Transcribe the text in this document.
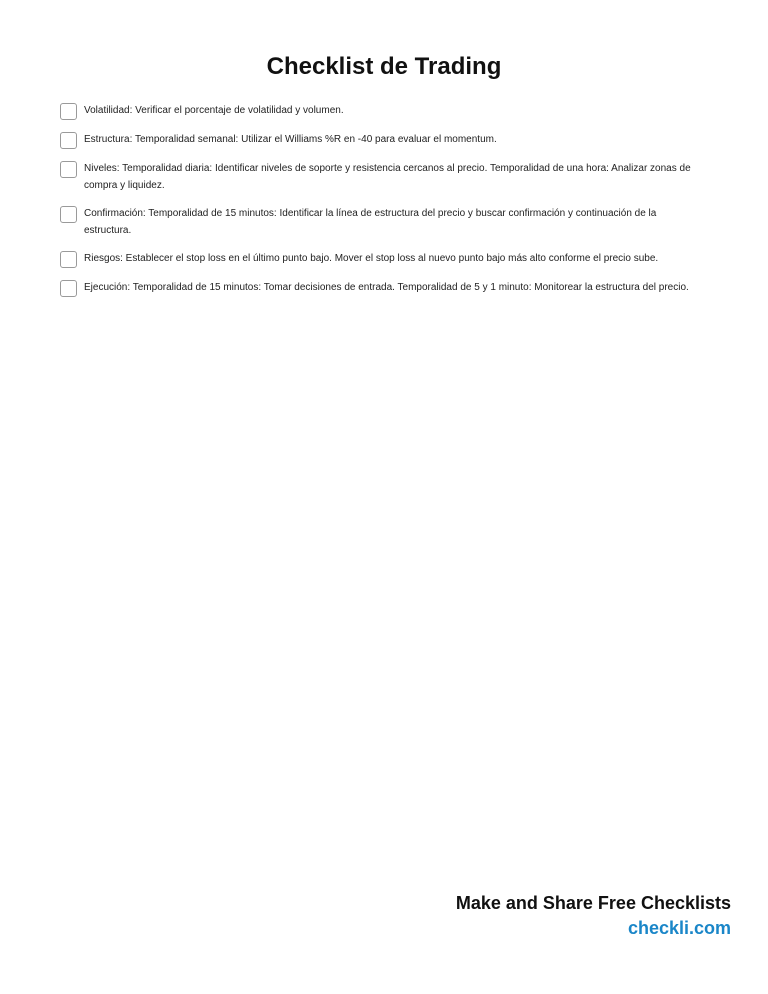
Checklist de Trading
Volatilidad: Verificar el porcentaje de volatilidad y volumen.
Estructura: Temporalidad semanal: Utilizar el Williams %R en -40 para evaluar el momentum.
Niveles: Temporalidad diaria: Identificar niveles de soporte y resistencia cercanos al precio. Temporalidad de una hora: Analizar zonas de compra y liquidez.
Confirmación: Temporalidad de 15 minutos: Identificar la línea de estructura del precio y buscar confirmación y continuación de la estructura.
Riesgos: Establecer el stop loss en el último punto bajo. Mover el stop loss al nuevo punto bajo más alto conforme el precio sube.
Ejecución: Temporalidad de 15 minutos: Tomar decisiones de entrada. Temporalidad de 5 y 1 minuto: Monitorear la estructura del precio.
Make and Share Free Checklists
checkli.com
